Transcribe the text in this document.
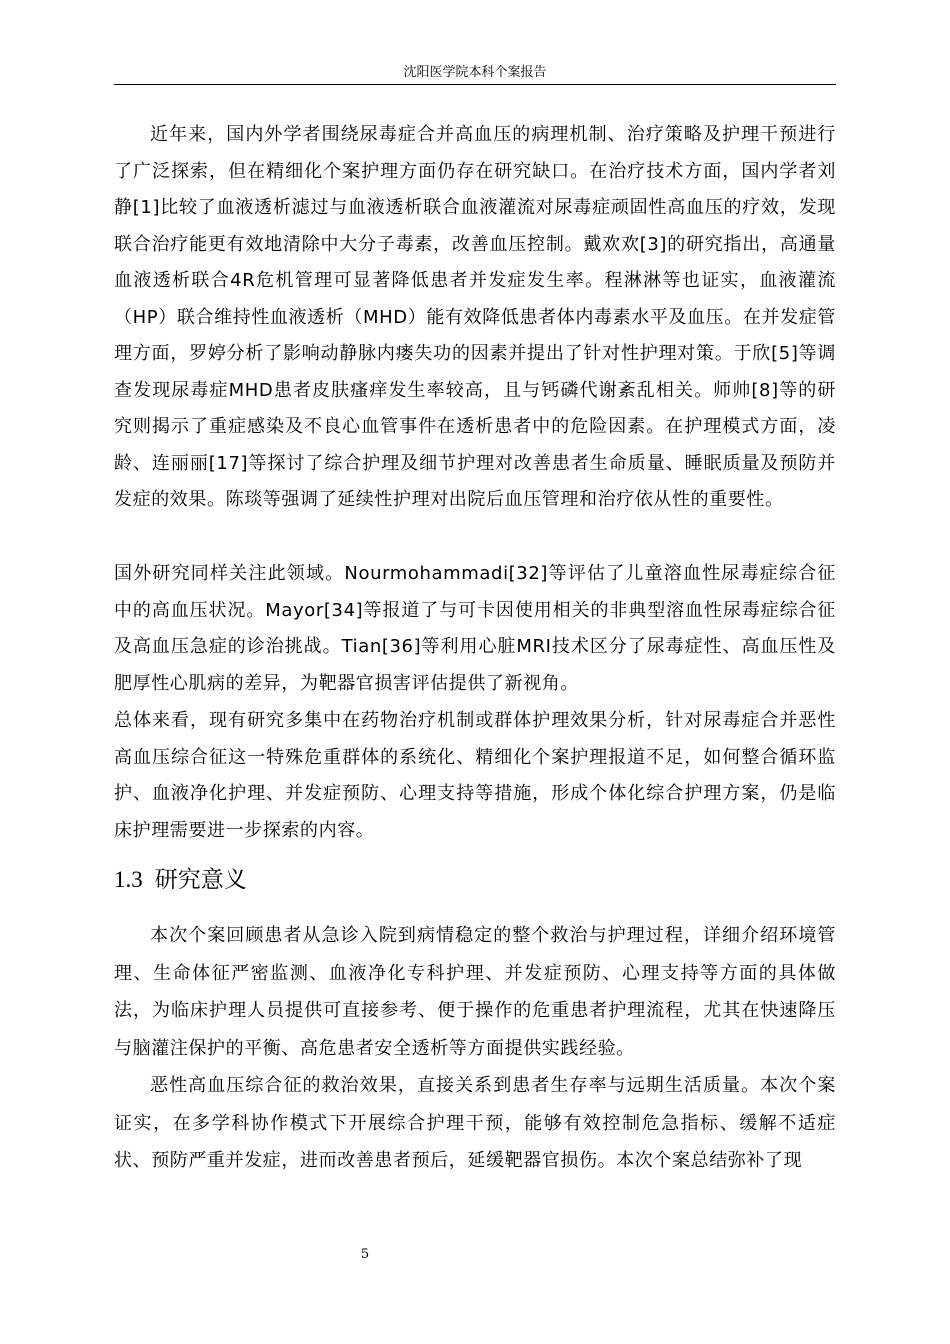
沈阳医学院本科个案报告

近年来，国内外学者围绕尿毒症合并高血压的病理机制、治疗策略及护理干预进行了广泛探索，但在精细化个案护理方面仍存在研究缺口。在治疗技术方面，国内学者刘静[1]比较了血液透析滤过与血液透析联合血液灌流对尿毒症顽固性高血压的疗效，发现联合治疗能更有效地清除中大分子毒素，改善血压控制。戴欢欢[3]的研究指出，高通量血液透析联合4R危机管理可显著降低患者并发症发生率。程淋淋等也证实，血液灌流（HP）联合维持性血液透析（MHD）能有效降低患者体内毒素水平及血压。在并发症管理方面，罗婷分析了影响动静脉内瘘失功的因素并提出了针对性护理对策。于欣[5]等调查发现尿毒症MHD患者皮肤瘙痒发生率较高，且与钙磷代谢紊乱相关。师帅[8]等的研究则揭示了重症感染及不良心血管事件在透析患者中的危险因素。在护理模式方面，凌龄、连丽丽[17]等探讨了综合护理及细节护理对改善患者生命质量、睡眠质量及预防并发症的效果。陈琰等强调了延续性护理对出院后血压管理和治疗依从性的重要性。

国外研究同样关注此领域。Nourmohammadi[32]等评估了儿童溶血性尿毒症综合征中的高血压状况。Mayor[34]等报道了与可卡因使用相关的非典型溶血性尿毒症综合征及高血压急症的诊治挑战。Tian[36]等利用心脏MRI技术区分了尿毒症性、高血压性及肥厚性心肌病的差异，为靶器官损害评估提供了新视角。

总体来看，现有研究多集中在药物治疗机制或群体护理效果分析，针对尿毒症合并恶性高血压综合征这一特殊危重群体的系统化、精细化个案护理报道不足，如何整合循环监护、血液净化护理、并发症预防、心理支持等措施，形成个体化综合护理方案，仍是临床护理需要进一步探索的内容。

1.3 研究意义

本次个案回顾患者从急诊入院到病情稳定的整个救治与护理过程，详细介绍环境管理、生命体征严密监测、血液净化专科护理、并发症预防、心理支持等方面的具体做法，为临床护理人员提供可直接参考、便于操作的危重患者护理流程，尤其在快速降压与脑灌注保护的平衡、高危患者安全透析等方面提供实践经验。

恶性高血压综合征的救治效果，直接关系到患者生存率与远期生活质量。本次个案证实，在多学科协作模式下开展综合护理干预，能够有效控制危急指标、缓解不适症状、预防严重并发症，进而改善患者预后，延缓靶器官损伤。本次个案总结弥补了现

5
